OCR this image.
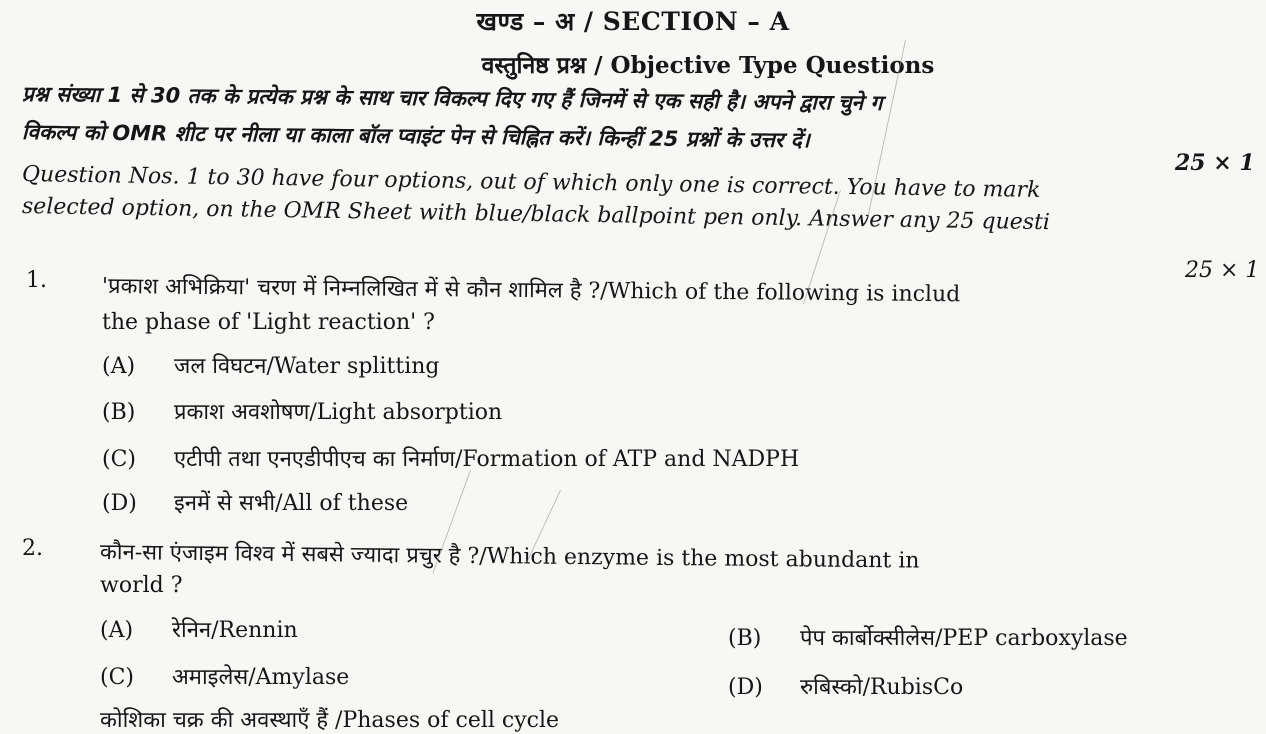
खण्ड – अ / SECTION – A
वस्तुनिष्ठ प्रश्न / Objective Type Questions
प्रश्न संख्या 1 से 30 तक के प्रत्येक प्रश्न के साथ चार विकल्प दिए गए हैं जिनमें से एक सही है। अपने द्वारा चुने ग
विकल्प को OMR शीट पर नीला या काला बॉल प्वाइंट पेन से चिह्नित करें। किन्हीं 25 प्रश्नों के उत्तर दें।
25 × 1
Question Nos. 1 to 30 have four options, out of which only one is correct. You have to mark
selected option, on the OMR Sheet with blue/black ballpoint pen only. Answer any 25 questi
25 × 1
1. 'प्रकाश अभिक्रिया' चरण में निम्नलिखित में से कौन शामिल है ?/Which of the following is includ
the phase of 'Light reaction' ?
(A) जल विघटन/Water splitting
(B) प्रकाश अवशोषण/Light absorption
(C) एटीपी तथा एनएडीपीएच का निर्माण/Formation of ATP and NADPH
(D) इनमें से सभी/All of these
2.	कौन-सा एंजाइम विश्व में सबसे ज्यादा प्रचुर है ?/Which enzyme is the most abundant in
world ?
(A) रेनिन/Rennin	(B) पेप कार्बोक्सीलेस/PEP carboxylase
(C) अमाइलेस/Amylase	(D) रुबिस्को/RubisCo
कोशिका चक्र की अवस्थाएँ हैं /Phases of cell cycle
